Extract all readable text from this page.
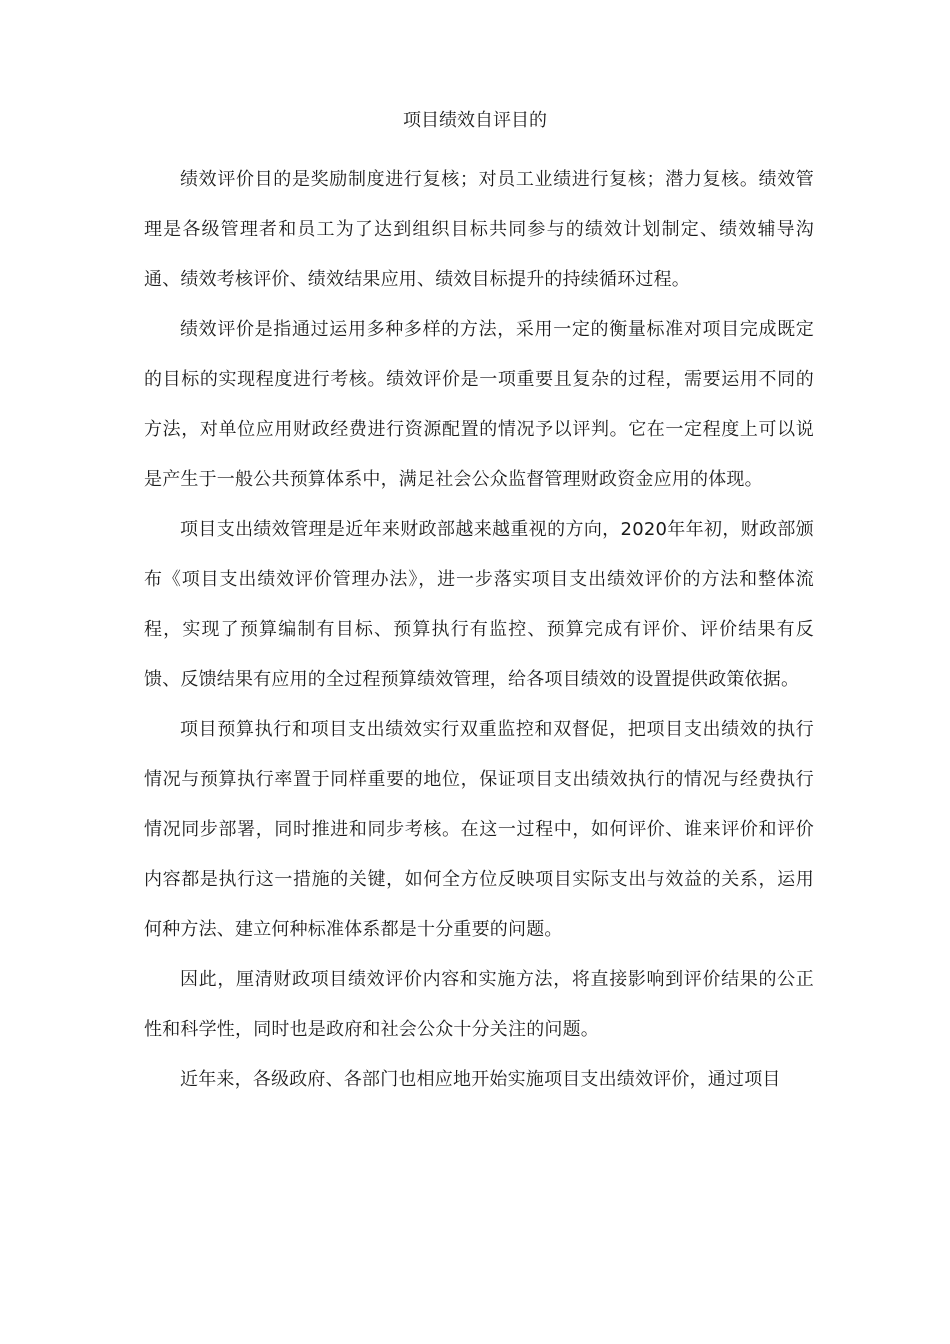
项目绩效自评目的

绩效评价目的是奖励制度进行复核；对员工业绩进行复核；潜力复核。绩效管理是各级管理者和员工为了达到组织目标共同参与的绩效计划制定、绩效辅导沟通、绩效考核评价、绩效结果应用、绩效目标提升的持续循环过程。

绩效评价是指通过运用多种多样的方法，采用一定的衡量标准对项目完成既定的目标的实现程度进行考核。绩效评价是一项重要且复杂的过程，需要运用不同的方法，对单位应用财政经费进行资源配置的情况予以评判。它在一定程度上可以说是产生于一般公共预算体系中，满足社会公众监督管理财政资金应用的体现。

项目支出绩效管理是近年来财政部越来越重视的方向，2020年年初，财政部颁布《项目支出绩效评价管理办法》，进一步落实项目支出绩效评价的方法和整体流程，实现了预算编制有目标、预算执行有监控、预算完成有评价、评价结果有反馈、反馈结果有应用的全过程预算绩效管理，给各项目绩效的设置提供政策依据。

项目预算执行和项目支出绩效实行双重监控和双督促，把项目支出绩效的执行情况与预算执行率置于同样重要的地位，保证项目支出绩效执行的情况与经费执行情况同步部署，同时推进和同步考核。在这一过程中，如何评价、谁来评价和评价内容都是执行这一措施的关键，如何全方位反映项目实际支出与效益的关系，运用何种方法、建立何种标准体系都是十分重要的问题。

因此，厘清财政项目绩效评价内容和实施方法，将直接影响到评价结果的公正性和科学性，同时也是政府和社会公众十分关注的问题。

近年来，各级政府、各部门也相应地开始实施项目支出绩效评价，通过项目
